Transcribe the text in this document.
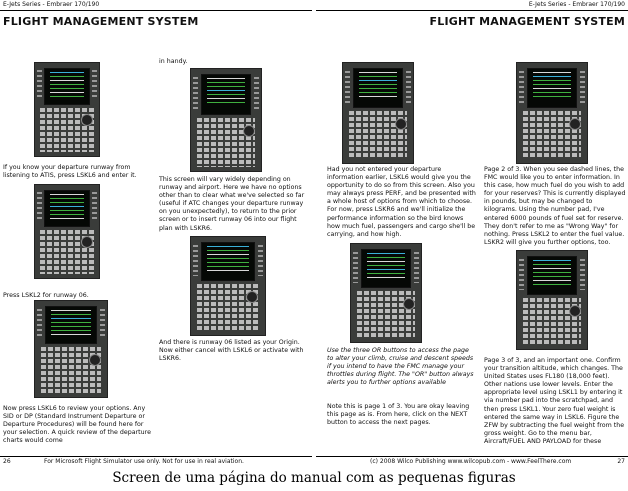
E-Jets Series - Embraer 170/190
FLIGHT MANAGEMENT SYSTEM
If you know your departure runway from listening to ATIS, press LSKL6 and enter it.
Press LSKL2 for runway 06.
Now press LSKL6 to review your options. Any SID or DP (Standard Instrument Departure or Departure Procedures) will be found here for your selection. A quick review of the departure charts would come
in handy.
This screen will vary widely depending on runway and airport. Here we have no options other than to clear what we've selected so far (useful if ATC changes your departure runway on you unexpectedly), to return to the prior screen or to insert runway 06 into our flight plan with LSKR6.
And there is runway 06 listed as your Origin. Now either cancel with LSKL6 or activate with LSKR6.
26	For Microsoft Flight Simulator use only. Not for use in real aviation.
E-Jets Series - Embraer 170/190
FLIGHT MANAGEMENT SYSTEM
Had you not entered your departure information earlier, LSKL6 would give you the opportunity to do so from this screen. Also you may always press PERF, and be presented with a whole host of options from which to choose. For now, press LSKR6 and we'll initialize the performance information so the bird knows how much fuel, passengers and cargo she'll be carrying, and how high.
Use the three OR buttons to access the page to alter your climb, cruise and descent speeds if you intend to have the FMC manage your throttles during flight. The "OR" button always alerts you to further options available
Note this is page 1 of 3. You are okay leaving this page as is. From here, click on the NEXT button to access the next pages.
Page 2 of 3. When you see dashed lines, the FMC would like you to enter information. In this case, how much fuel do you wish to add for your reserves? This is currently displayed in pounds, but may be changed to kilograms. Using the number pad, I've entered 6000 pounds of fuel set for reserve. They don't refer to me as "Wrong Way" for nothing. Press LSKL2 to enter the fuel value. LSKR2 will give you further options, too.
Page 3 of 3, and an important one. Confirm your transition altitude, which changes. The United States uses FL180 (18,000 feet). Other nations use lower levels. Enter the appropriate level using LSKL1 by entering it via number pad into the scratchpad, and then press LSKL1. Your zero fuel weight is entered the same way in LSKL6. Figure the ZFW by subtracting the fuel weight from the gross weight. Go to the menu bar, Aircraft/FUEL AND PAYLOAD for these
(c) 2008 Wilco Publishing www.wilcopub.com - www.FeelThere.com	27
Screen de uma página do manual com as pequenas figuras
